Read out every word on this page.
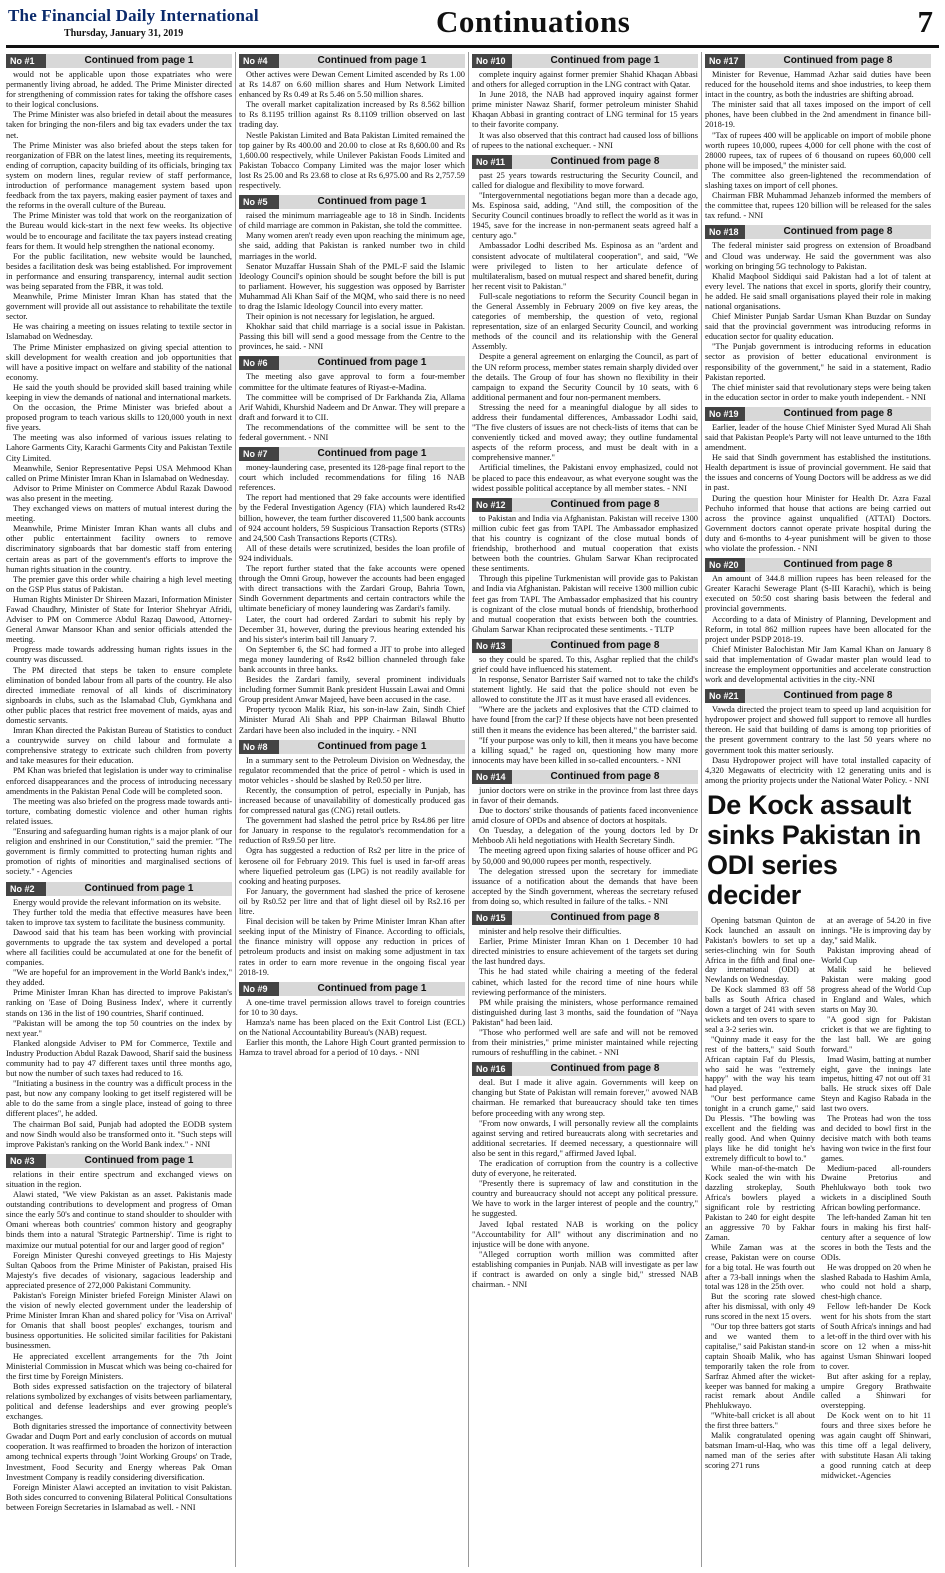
The Financial Daily International
Thursday, January 31, 2019	Continuations	7
No #1	Continued from page 1

would not be applicable upon those expatriates who were permanently living abroad, he added. The Prime Minister directed for strengthening of commission rates for taking the offshore cases to their logical conclusions.

The Prime Minister was also briefed in detail about the measures taken for bringing the non-filers and big tax evaders under the tax net.

The Prime Minister was also briefed about the steps taken for reorganization of FBR on the latest lines, meeting its requirements, ending of corruption, capacity building of its officials, bringing tax system on modern lines, regular review of staff performance, introduction of performance management system based upon feedback from the tax payers, making easier payment of taxes and the reforms in the overall culture of the Bureau.

The Prime Minister was told that work on the reorganization of the Bureau would kick-start in the next few weeks. Its objective would be to encourage and facilitate the tax payers instead creating fears for them. It would help strengthen the national economy.

For the public facilitation, new website would be launched, besides a facilitation desk was being established. For improvement in performance and ensuring transparency, internal audit section was being separated from the FBR, it was told.

Meanwhile, Prime Minister Imran Khan has stated that the government will provide all out assistance to rehabilitate the textile sector.

He was chairing a meeting on issues relating to textile sector in Islamabad on Wednesday.

The Prime Minister emphasized on giving special attention to skill development for wealth creation and job opportunities that will have a positive impact on welfare and stability of the national economy.

He said the youth should be provided skill based training while keeping in view the demands of national and international markets.

On the occasion, the Prime Minister was briefed about a proposed program to teach various skills to 120,000 youth in next five years.

The meeting was also informed of various issues relating to Lahore Garments City, Karachi Garments City and Pakistan Textile City Limited.

Meanwhile, Senior Representative Pepsi USA Mehmood Khan called on Prime Minister Imran Khan in Islamabad on Wednesday.

Advisor to Prime Minister on Commerce Abdul Razak Dawood was also present in the meeting.

They exchanged views on matters of mutual interest during the meeting.

Meanwhile, Prime Minister Imran Khan wants all clubs and other public entertainment facility owners to remove discriminatory signboards that bar domestic staff from entering certain areas as part of the government's efforts to improve the human rights situation in the country.

The premier gave this order while chairing a high level meeting on the GSP Plus status of Pakistan.

Human Rights Minister Dr Shireen Mazari, Information Minister Fawad Chaudhry, Minister of State for Interior Shehryar Afridi, Adviser to PM on Commerce Abdul Razaq Dawood, Attorney-General Anwar Mansoor Khan and senior officials attended the meeting.

Progress made towards addressing human rights issues in the country was discussed.

The PM directed that steps be taken to ensure complete elimination of bonded labour from all parts of the country. He also directed immediate removal of all kinds of discriminatory signboards in clubs, such as the Islamabad Club, Gymkhana and other public places that restrict free movement of maids, ayas and domestic servants.

Imran Khan directed the Pakistan Bureau of Statistics to conduct a countrywide survey on child labour and formulate a comprehensive strategy to extricate such children from poverty and take measures for their education.

PM Khan was briefed that legislation is under way to criminalise enforced disappearances and the process of introducing necessary amendments in the Pakistan Penal Code will be completed soon.

The meeting was also briefed on the progress made towards anti-torture, combating domestic violence and other human rights related issues.

"Ensuring and safeguarding human rights is a major plank of our religion and enshrined in our Constitution," said the premier. "The government is firmly committed to protecting human rights and promotion of rights of minorities and marginalised sections of society." - Agencies

No #2	Continued from page 1

Energy would provide the relevant information on its website.

They further told the media that effective measures have been taken to improve tax system to facilitate the business community.

Dawood said that his team has been working with provincial governments to upgrade the tax system and developed a portal where all facilities could be accumulated at one for the benefit of companies.

"We are hopeful for an improvement in the World Bank's index," they added.

Prime Minister Imran Khan has directed to improve Pakistan's ranking on 'Ease of Doing Business Index', where it currently stands on 136 in the list of 190 countries, Sharif continued.

"Pakistan will be among the top 50 countries on the index by next year."

Flanked alongside Adviser to PM for Commerce, Textile and Industry Production Abdul Razak Dawood, Sharif said the business community had to pay 47 different taxes until three months ago, but now the number of such taxes had reduced to 16.

"Initiating a business in the country was a difficult process in the past, but now any company looking to get itself registered will be able to do the same from a single place, instead of going to three different places", he added.

The chairman BoI said, Punjab had adopted the EODB system and now Sindh would also be transformed onto it. "Such steps will improve Pakistan's ranking on the World Bank index." - NNI

No #3	Continued from page 1

relations in their entire spectrum and exchanged views on situation in the region.

Alawi stated, "We view Pakistan as an asset. Pakistanis made outstanding contributions to development and progress of Oman since the early 50's and continue to stand shoulder to shoulder with Omani whereas both countries' common history and geography binds them into a natural 'Strategic Partnership'. Time is right to maximize our mutual potential for our and larger good of region"

Foreign Minister Qureshi conveyed greetings to His Majesty Sultan Qaboos from the Prime Minister of Pakistan, praised His Majesty's five decades of visionary, sagacious leadership and appreciated presence of 272,000 Pakistani Community.

Pakistan's Foreign Minister briefed Foreign Minister Alawi on the vision of newly elected government under the leadership of Prime Minister Imran Khan and shared policy for 'Visa on Arrival' for Omanis that shall boost peoples' exchanges, tourism and business opportunities. He solicited similar facilities for Pakistani businessmen.

He appreciated excellent arrangements for the 7th Joint Ministerial Commission in Muscat which was being co-chaired for the first time by Foreign Ministers.

Both sides expressed satisfaction on the trajectory of bilateral relations symbolized by exchanges of visits between parliamentary, political and defense leaderships and ever growing people's exchanges.

Both dignitaries stressed the importance of connectivity between Gwadar and Duqm Port and early conclusion of accords on mutual cooperation. It was reaffirmed to broaden the horizon of interaction among technical experts through 'Joint Working Groups' on Trade, Investment, Food Security and Energy whereas Pak Oman Investment Company is readily considering diversification.

Foreign Minister Alawi accepted an invitation to visit Pakistan. Both sides concurred to convening Bilateral Political Consultations between Foreign Secretaries in Islamabad as well. - NNI

No #4	Continued from page 1

Other actives were Dewan Cement Limited ascended by Rs 1.00 at Rs 14.87 on 6.60 million shares and Hum Network Limited enhanced by Rs 0.49 at Rs 5.46 on 5.50 million shares.

The overall market capitalization increased by Rs 8.562 billion to Rs 8.1195 trillion against Rs 8.1109 trillion observed on last trading day.

Nestle Pakistan Limited and Bata Pakistan Limited remained the top gainer by Rs 400.00 and 20.00 to close at Rs 8,600.00 and Rs 1,600.00 respectively, while Unilever Pakistan Foods Limited and Pakistan Tobacco Company Limited was the major loser which lost Rs 25.00 and Rs 23.68 to close at Rs 6,975.00 and Rs 2,757.59 respectively.

No #5	Continued from page 1

raised the minimum marriageable age to 18 in Sindh. Incidents of child marriage are common in Pakistan, she told the committee.

Many women aren't ready even upon reaching the minimum age, she said, adding that Pakistan is ranked number two in child marriages in the world.

Senator Muzaffar Hussain Shah of the PML-F said the Islamic Ideology Council's opinion should be sought before the bill is put to parliament. However, his suggestion was opposed by Barrister Muhammad Ali Khan Saif of the MQM, who said there is no need to drag the Islamic Ideology Council into every matter.

Their opinion is not necessary for legislation, he argued.

Khokhar said that child marriage is a social issue in Pakistan. Passing this bill will send a good message from the Centre to the provinces, he said. - NNI

No #6	Continued from page 1

The meeting also gave approval to form a four-member committee for the ultimate features of Riyast-e-Madina.

The committee will be comprised of Dr Farkhanda Zia, Allama Arif Wahidi, Khurshid Nadeem and Dr Anwar. They will prepare a draft and forward it to CII.

The recommendations of the committee will be sent to the federal government. - NNI

No #7	Continued from page 1

money-laundering case, presented its 128-page final report to the court which included recommendations for filing 16 NAB references.

The report had mentioned that 29 fake accounts were identified by the Federal Investigation Agency (FIA) which laundered Rs42 billion, however, the team further discovered 11,500 bank accounts of 924 account holders, 59 Suspicious Transaction Reports (STRs) and 24,500 Cash Transactions Reports (CTRs).

All of these details were scrutinized, besides the loan profile of 924 individuals.

The report further stated that the fake accounts were opened through the Omni Group, however the accounts had been engaged with direct transactions with the Zardari Group, Bahria Town, Sindh Government departments and certain contractors while the ultimate beneficiary of money laundering was Zardari's family.

Later, the court had ordered Zardari to submit his reply by December 31, however, during the previous hearing extended his and his sister's interim bail till January 7.

On September 6, the SC had formed a JIT to probe into alleged mega money laundering of Rs42 billion channeled through fake bank accounts in three banks.

Besides the Zardari family, several prominent individuals including former Summit Bank president Hussain Lawai and Omni Group president Anwar Majeed, have been accused in the case.

Property tycoon Malik Riaz, his son-in-law Zain, Sindh Chief Minister Murad Ali Shah and PPP Chairman Bilawal Bhutto Zardari have been also included in the inquiry. - NNI

No #8	Continued from page 1

In a summary sent to the Petroleum Division on Wednesday, the regulator recommended that the price of petrol - which is used in motor vehicles - should be slashed by Re0.50 per litre.

Recently, the consumption of petrol, especially in Punjab, has increased because of unavailability of domestically produced gas for compressed natural gas (CNG) retail outlets.

The government had slashed the petrol price by Rs4.86 per litre for January in response to the regulator's recommendation for a reduction of Rs9.50 per litre.

Ogra has suggested a reduction of Rs2 per litre in the price of kerosene oil for February 2019. This fuel is used in far-off areas where liquefied petroleum gas (LPG) is not readily available for cooking and heating purposes.

For January, the government had slashed the price of kerosene oil by Rs0.52 per litre and that of light diesel oil by Rs2.16 per litre.

Final decision will be taken by Prime Minister Imran Khan after seeking input of the Ministry of Finance. According to officials, the finance ministry will oppose any reduction in prices of petroleum products and insist on making some adjustment in tax rates in order to earn more revenue in the ongoing fiscal year 2018-19.

No #9	Continued from page 1

A one-time travel permission allows travel to foreign countries for 10 to 30 days.

Hamza's name has been placed on the Exit Control List (ECL) on the National Accountability Bureau's (NAB) request.

Earlier this month, the Lahore High Court granted permission to Hamza to travel abroad for a period of 10 days. - NNI

No #10	Continued from page 1

complete inquiry against former premier Shahid Khaqan Abbasi and others for alleged corruption in the LNG contract with Qatar.

In June 2018, the NAB had approved inquiry against former prime minister Nawaz Sharif, former petroleum minister Shahid Khaqan Abbasi in granting contract of LNG terminal for 15 years to their favorite company.

It was also observed that this contract had caused loss of billions of rupees to the national exchequer. - NNI

No #11	Continued from page 8

past 25 years towards restructuring the Security Council, and called for dialogue and flexibility to move forward.

"Intergovernmental negotiations began more than a decade ago, Ms. Espinosa said, adding, "And still, the composition of the Security Council continues broadly to reflect the world as it was in 1945, save for the increase in non-permanent seats agreed half a century ago."

Ambassador Lodhi described Ms. Espinosa as an "ardent and consistent advocate of multilateral cooperation", and said, "We were privileged to listen to her articulate defence of multilateralism, based on mutual respect and shared benefit, during her recent visit to Pakistan."

Full-scale negotiations to reform the Security Council began in the General Assembly in February 2009 on five key areas, the categories of membership, the question of veto, regional representation, size of an enlarged Security Council, and working methods of the council and its relationship with the General Assembly.

Despite a general agreement on enlarging the Council, as part of the UN reform process, member states remain sharply divided over the details. The Group of four has shown no flexibility in their campaign to expand the Security Council by 10 seats, with 6 additional permanent and four non-permanent members.

Stressing the need for a meaningful dialogue by all sides to address their fundamental differences, Ambassador Lodhi said, "The five clusters of issues are not check-lists of items that can be conveniently ticked and moved away; they outline fundamental aspects of the reform process, and must be dealt with in a comprehensive manner."

Artificial timelines, the Pakistani envoy emphasized, could not be placed to pace this endeavour, as what everyone sought was the widest possible political acceptance by all member states. - NNI

No #12	Continued from page 8

to Pakistan and India via Afghanistan. Pakistan will receive 1300 million cubic feet gas from TAPI. The Ambassador emphasized that his country is cognizant of the close mutual bonds of friendship, brotherhood and mutual cooperation that exists between both the countries. Ghulam Sarwar Khan reciprocated these sentiments.

Through this pipeline Turkmenistan will provide gas to Pakistan and India via Afghanistan. Pakistan will receive 1300 million cubic feet gas from TAPI. The Ambassador emphasized that his country is cognizant of the close mutual bonds of friendship, brotherhood and mutual cooperation that exists between both the countries. Ghulam Sarwar Khan reciprocated these sentiments. - TLTP

No #13	Continued from page 8

so they could be spared. To this, Asghar replied that the child's grief could have influenced his statement.

In response, Senator Barrister Saif warned not to take the child's statement lightly. He said that the police should not even be allowed to constitute the JIT as it must have erased all evidences.

"Where are the jackets and explosives that the CTD claimed to have found [from the car]? If these objects have not been presented still then it means the evidence has been altered," the barrister said.

"If your purpose was only to kill, then it means you have become a killing squad," he raged on, questioning how many more innocents may have been killed in so-called encounters. - NNI

No #14	Continued from page 8

junior doctors were on strike in the province from last three days in favor of their demands.

Due to doctors' strike thousands of patients faced inconvenience amid closure of OPDs and absence of doctors at hospitals.

On Tuesday, a delegation of the young doctors led by Dr Mehboob Ali held negotiations with Health Secretary Sindh.

The meeting agreed upon fixing salaries of house officer and PG by 50,000 and 90,000 rupees per month, respectively.

The delegation stressed upon the secretary for immediate issuance of a notification about the demands that have been accepted by the Sindh government, whereas the secretary refused from doing so, which resulted in failure of the talks. - NNI

No #15	Continued from page 8

minister and help resolve their difficulties.

Earlier, Prime Minister Imran Khan on 1 December 10 had directed ministries to ensure achievement of the targets set during the last hundred days.

This he had stated while chairing a meeting of the federal cabinet, which lasted for the record time of nine hours while reviewing performance of the ministers.

PM while praising the ministers, whose performance remained distinguished during last 3 months, said the foundation of "Naya Pakistan" had been laid.

"Those who performed well are safe and will not be removed from their ministries," prime minister maintained while rejecting rumours of reshuffling in the cabinet. - NNI

No #16	Continued from page 8

deal. But I made it alive again. Governments will keep on changing but State of Pakistan will remain forever," avowed NAB chairman. He remarked that bureaucracy should take ten times before proceeding with any wrong step.

"From now onwards, I will personally review all the complaints against serving and retired bureaucrats along with secretaries and additional secretaries. If deemed necessary, a questionnaire will also be sent in this regard," affirmed Javed Iqbal.

The eradication of corruption from the country is a collective duty of everyone, he reiterated.

"Presently there is supremacy of law and constitution in the country and bureaucracy should not accept any political pressure. We have to work in the larger interest of people and the country," he suggested.

Javed Iqbal restated NAB is working on the policy "Accountability for All" without any discrimination and no injustice will be done with anyone.

"Alleged corruption worth million was committed after establishing companies in Punjab. NAB will investigate as per law if contract is awarded on only a single bid," stressed NAB chairman. - NNI

No #17	Continued from page 8

Minister for Revenue, Hammad Azhar said duties have been reduced for the household items and shoe industries, to keep them intact in the country, as both the industries are shifting abroad.

The minister said that all taxes imposed on the import of cell phones, have been clubbed in the 2nd amendment in finance bill-2018-19.

"Tax of rupees 400 will be applicable on import of mobile phone worth rupees 10,000, rupees 4,000 for cell phone with the cost of 28000 rupees, tax of rupees of 6 thousand on rupees 60,000 cell phone will be imposed," the minister said.

The committee also green-lightened the recommendation of slashing taxes on import of cell phones.

Chairman FBR Muhammad Jehanzeb informed the members of the committee that, rupees 120 billion will be released for the sales tax refund. - NNI

No #18	Continued from page 8

The federal minister said progress on extension of Broadband and Cloud was underway. He said the government was also working on bringing 5G technology to Pakistan.

Khalid Maqbool Siddiqui said Pakistan had a lot of talent at every level. The nations that excel in sports, glorify their country, he added. He said small organisations played their role in making national organisations.

Chief Minister Punjab Sardar Usman Khan Buzdar on Sunday said that the provincial government was introducing reforms in education sector for quality education.

"The Punjab government is introducing reforms in education sector as provision of better educational environment is responsibility of the government," he said in a statement, Radio Pakistan reported.

The chief minister said that revolutionary steps were being taken in the education sector in order to make youth independent. - NNI

No #19	Continued from page 8

Earlier, leader of the house Chief Minister Syed Murad Ali Shah said that Pakistan People's Party will not leave unturned to the 18th amendment.

He said that Sindh government has established the institutions. Health department is issue of provincial government. He said that the issues and concerns of Young Doctors will be address as we did in past.

During the question hour Minister for Health Dr. Azra Fazal Pechuho informed that house that actions are being carried out across the province against unqualified (ATTAI) Doctors. Government doctors cannot operate private hospital during the duty and 6-months to 4-year punishment will be given to those who violate the profession. - NNI

No #20	Continued from page 8

An amount of 344.8 million rupees has been released for the Greater Karachi Sewerage Plant (S-III Karachi), which is being executed on 50:50 cost sharing basis between the federal and provincial governments.

According to a data of Ministry of Planning, Development and Reform, in total 862 million rupees have been allocated for the project under PSDP 2018-19.

Chief Minister Balochistan Mir Jam Kamal Khan on January 8 said that implementation of Gwadar master plan would lead to increase the employment opportunities and accelerate construction work and developmental activities in the city.-NNI

No #21	Continued from page 8

Vawda directed the project team to speed up land acquisition for hydropower project and showed full support to remove all hurdles thereon. He said that building of dams is among top priorities of the present government contrary to the last 50 years where no government took this matter seriously.

Dasu Hydropower project will have total installed capacity of 4,320 Megawatts of electricity with 12 generating units and is among the priority projects under the National Water Policy. - NNI

De Kock assault sinks Pakistan in ODI series decider

Opening batsman Quinton de Kock launched an assault on Pakistan's bowlers to set up a series-clinching win for South Africa in the fifth and final one-day international (ODI) at Newlands on Wednesday.

De Kock slammed 83 off 58 balls as South Africa chased down a target of 241 with seven wickets and ten overs to spare to seal a 3-2 series win.

"Quinny made it easy for the rest of the batters," said South African captain Faf du Plessis, who said he was "extremely happy" with the way his team had played.

"Our best performance came tonight in a crunch game," said Du Plessis. "The bowling was excellent and the fielding was really good. And when Quinny plays like he did tonight he's extremely difficult to bowl to."

While man-of-the-match De Kock sealed the win with his dazzling strokeplay, South Africa's bowlers played a significant role by restricting Pakistan to 240 for eight despite an aggressive 70 by Fakhar Zaman.

While Zaman was at the crease, Pakistan were on course for a big total. He was fourth out after a 73-ball innings when the total was 128 in the 25th over.

But the scoring rate slowed after his dismissal, with only 49 runs scored in the next 15 overs.

"Our top three batters got starts and we wanted them to capitalise," said Pakistan stand-in captain Shoaib Malik, who has temporarily taken the role from Sarfraz Ahmed after the wicket-keeper was banned for making a racist remark about Andile Phehlukwayo.

"White-ball cricket is all about the first three batters."

Malik congratulated opening batsman Imam-ul-Haq, who was named man of the series after scoring 271 runs

at an average of 54.20 in five innings. "He is improving day by day," said Malik.

Pakistan improving ahead of World Cup

Malik said he believed Pakistan were making good progress ahead of the World Cup in England and Wales, which starts on May 30.

"A good sign for Pakistan cricket is that we are fighting to the last ball. We are going forward."

Imad Wasim, batting at number eight, gave the innings late impetus, hitting 47 not out off 31 balls. He struck sixes off Dale Steyn and Kagiso Rabada in the last two overs.

The Proteas had won the toss and decided to bowl first in the decisive match with both teams having won twice in the first four games.

Medium-paced all-rounders Dwaine Pretorius and Phehlukwayo both took two wickets in a disciplined South African bowling performance.

The left-handed Zaman hit ten fours in making his first half-century after a sequence of low scores in both the Tests and the ODIs.

He was dropped on 20 when he slashed Rabada to Hashim Amla, who could not hold a sharp, chest-high chance.

Fellow left-hander De Kock went for his shots from the start of South Africa's innings and had a let-off in the third over with his score on 12 when a miss-hit against Usman Shinwari looped to cover.

But after asking for a replay, umpire Gregory Brathwaite called a Shinwari for overstepping.

De Kock went on to hit 11 fours and three sixes before he was again caught off Shinwari, this time off a legal delivery, with substitute Hasan Ali taking a good running catch at deep midwicket.-Agencies
